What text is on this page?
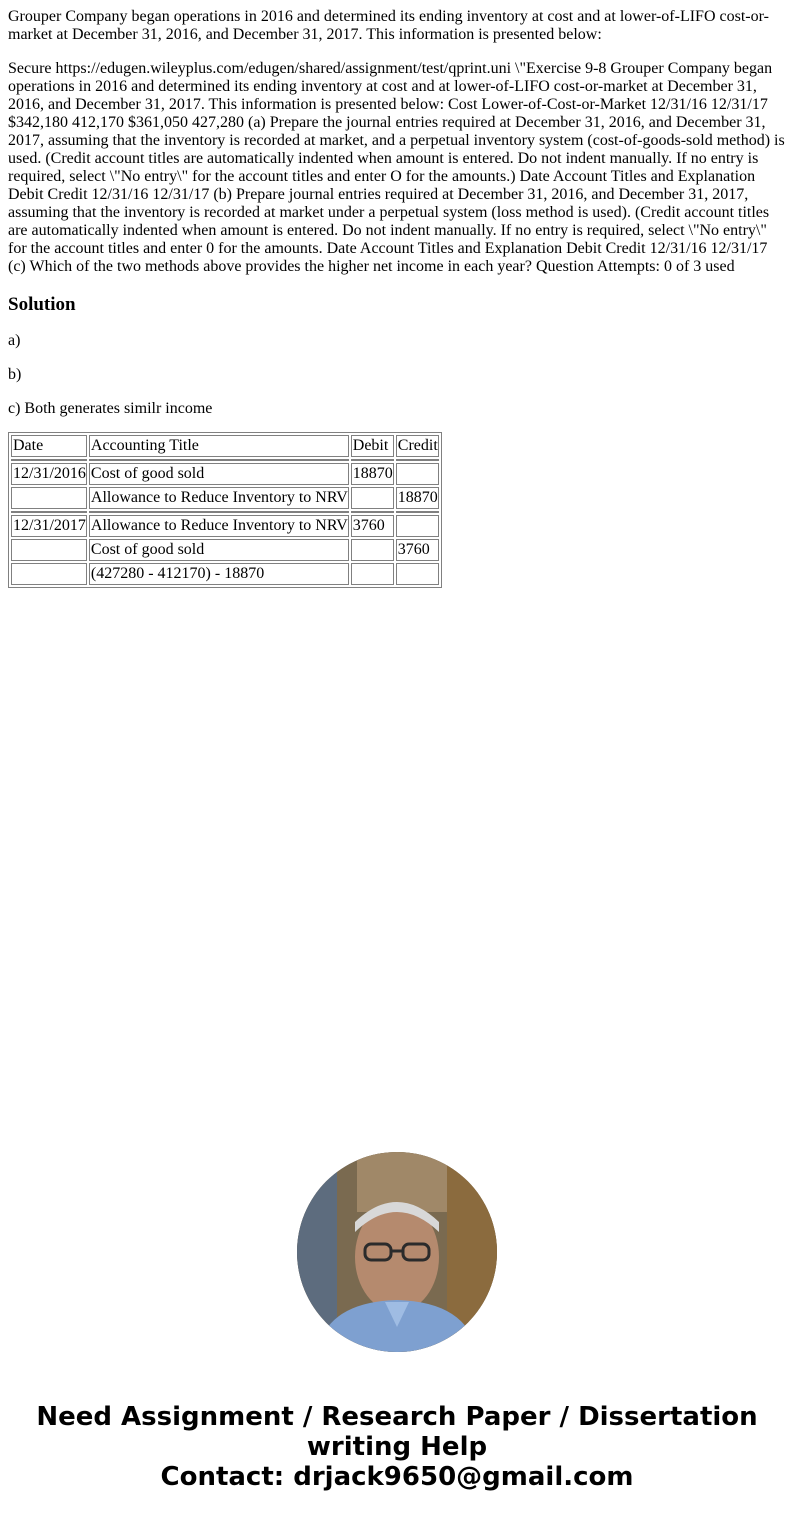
Grouper Company began operations in 2016 and determined its ending inventory at cost and at lower-of-LIFO cost-or-market at December 31, 2016, and December 31, 2017. This information is presented below:

Secure https://edugen.wileyplus.com/edugen/shared/assignment/test/qprint.uni \"Exercise 9-8 Grouper Company began operations in 2016 and determined its ending inventory at cost and at lower-of-LIFO cost-or-market at December 31, 2016, and December 31, 2017. This information is presented below: Cost Lower-of-Cost-or-Market 12/31/16 12/31/17 $342,180 412,170 $361,050 427,280 (a) Prepare the journal entries required at December 31, 2016, and December 31, 2017, assuming that the inventory is recorded at market, and a perpetual inventory system (cost-of-goods-sold method) is used. (Credit account titles are automatically indented when amount is entered. Do not indent manually. If no entry is required, select \"No entry\" for the account titles and enter O for the amounts.) Date Account Titles and Explanation Debit Credit 12/31/16 12/31/17 (b) Prepare journal entries required at December 31, 2016, and December 31, 2017, assuming that the inventory is recorded at market under a perpetual system (loss method is used). (Credit account titles are automatically indented when amount is entered. Do not indent manually. If no entry is required, select \"No entry\" for the account titles and enter 0 for the amounts. Date Account Titles and Explanation Debit Credit 12/31/16 12/31/17 (c) Which of the two methods above provides the higher net income in each year? Question Attempts: 0 of 3 used

Solution

a)

b)

c) Both generates similr income

Date	Accounting Title	Debit	Credit

12/31/2016	Cost of good sold	18870	
	Allowance to Reduce Inventory to NRV		18870

12/31/2017	Allowance to Reduce Inventory to NRV	3760	
	Cost of good sold		3760
	(427280 - 412170) - 18870		
Need Assignment / Research Paper / Dissertation
writing Help
Contact: drjack9650@gmail.com
